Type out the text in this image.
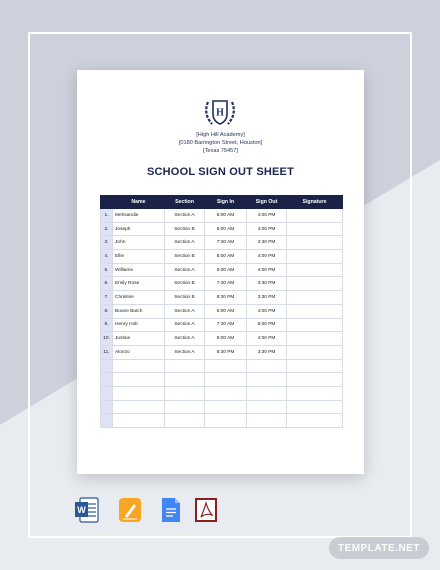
H
[High Hill Academy]
[0180 Barrington Street, Houston]
[Texas 75457]
SCHOOL SIGN OUT SHEET
	Name	Section	Sign In	Sign Out	Signature
1.	Mehsandie	Section A	8:00 AM	4:00 PM	
2.	Joseph	Section B	8:00 AM	4:00 PM	
3.	John	Section A	7:30 AM	3:30 PM	
4.	Ellie	Section B	8:00 AM	4:00 PM	
5.	Williams	Section A	8:00 AM	4:00 PM	
6.	Emily Rose	Section B	7:30 AM	3:30 PM	
7.	Christine	Section B	8:30 PM	3:30 PM	
8.	Boone Butch	Section A	8:00 AM	4:00 PM	
9.	Henry Holt	Section A	7:30 AM	5:00 PM	
10.	Justine	Section A	8:00 AM	4:00 PM	
11.	Alonzo	Section A	8:30 PM	3:30 PM	

W
TEMPLATE.NET
